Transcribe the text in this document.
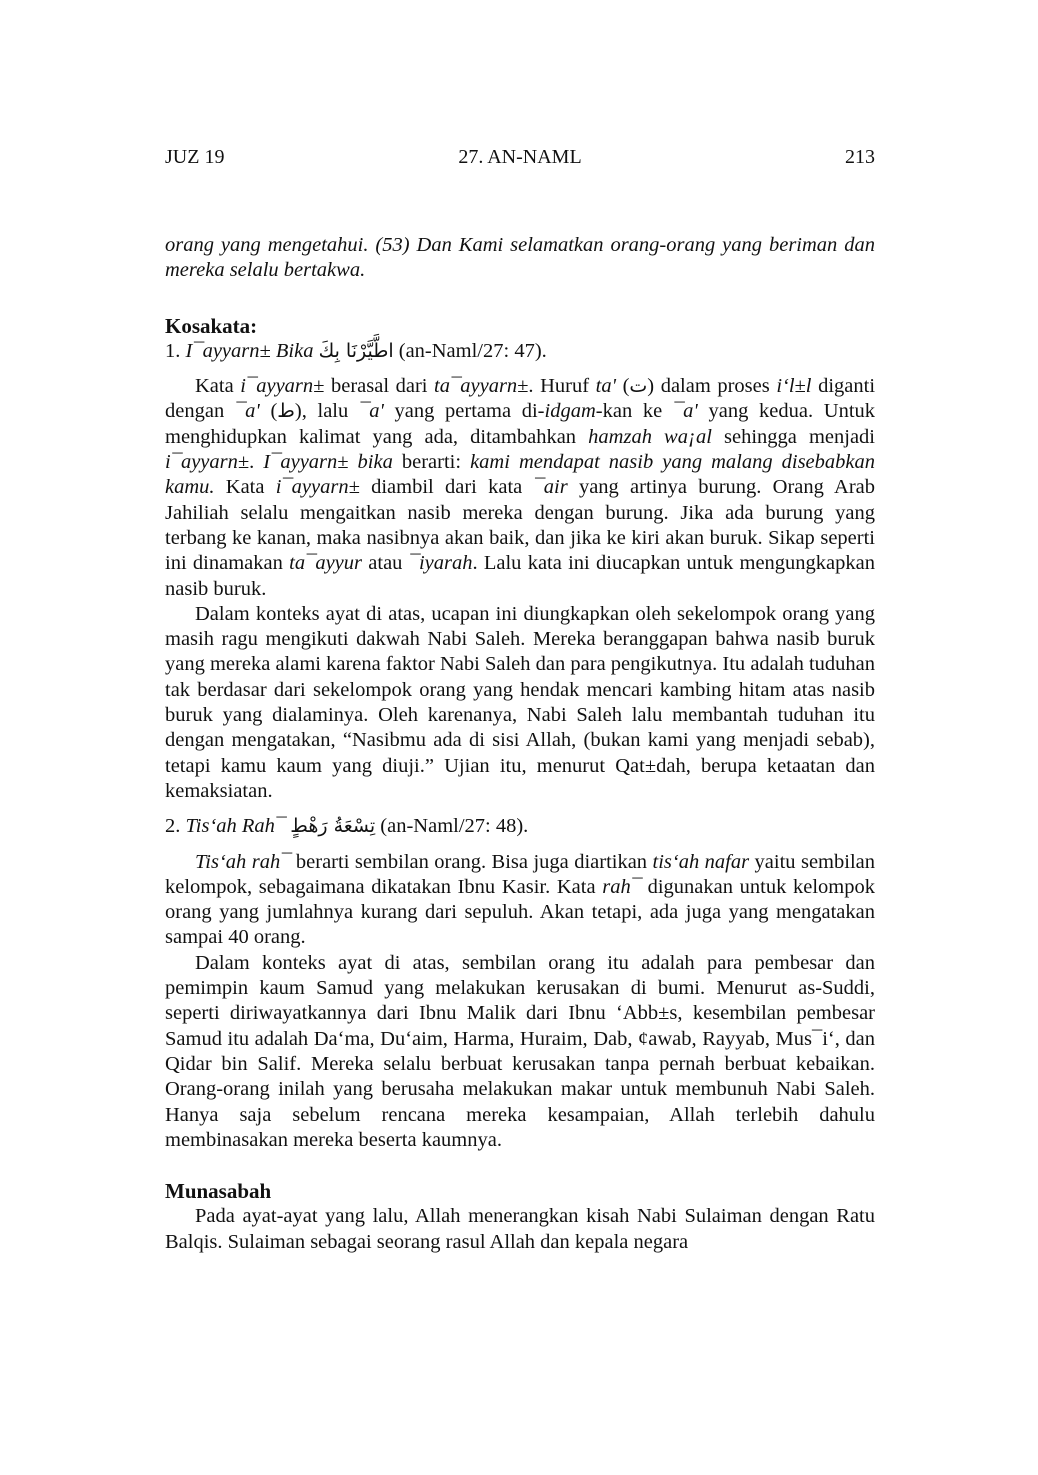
JUZ 19	27. AN-NAML	213

orang yang mengetahui. (53) Dan Kami selamatkan orang-orang yang beriman dan mereka selalu bertakwa.

Kosakata:

1. I¯ayyarn± Bika اطَّيَّرْنَا بِكَ (an-Naml/27: 47).

Kata i¯ayyarn± berasal dari ta¯ayyarn±. Huruf ta' (ت) dalam proses i‘l±l diganti dengan ¯a' (ط), lalu ¯a' yang pertama di-idgam-kan ke ¯a' yang kedua. Untuk menghidupkan kalimat yang ada, ditambahkan hamzah wa¡al sehingga menjadi i¯ayyarn±. I¯ayyarn± bika berarti: kami mendapat nasib yang malang disebabkan kamu. Kata i¯ayyarn± diambil dari kata ¯air yang artinya burung. Orang Arab Jahiliah selalu mengaitkan nasib mereka dengan burung. Jika ada burung yang terbang ke kanan, maka nasibnya akan baik, dan jika ke kiri akan buruk. Sikap seperti ini dinamakan ta¯ayyur atau ¯iyarah. Lalu kata ini diucapkan untuk mengungkapkan nasib buruk.

Dalam konteks ayat di atas, ucapan ini diungkapkan oleh sekelompok orang yang masih ragu mengikuti dakwah Nabi Saleh. Mereka beranggapan bahwa nasib buruk yang mereka alami karena faktor Nabi Saleh dan para pengikutnya. Itu adalah tuduhan tak berdasar dari sekelompok orang yang hendak mencari kambing hitam atas nasib buruk yang dialaminya. Oleh karenanya, Nabi Saleh lalu membantah tuduhan itu dengan mengatakan, “Nasibmu ada di sisi Allah, (bukan kami yang menjadi sebab), tetapi kamu kaum yang diuji.” Ujian itu, menurut Qat±dah, berupa ketaatan dan kemaksiatan.

2. Tis‘ah Rah¯ تِسْعَةُ رَهْطٍ (an-Naml/27: 48).

Tis‘ah rah¯ berarti sembilan orang. Bisa juga diartikan tis‘ah nafar yaitu sembilan kelompok, sebagaimana dikatakan Ibnu Kasir. Kata rah¯ digunakan untuk kelompok orang yang jumlahnya kurang dari sepuluh. Akan tetapi, ada juga yang mengatakan sampai 40 orang.

Dalam konteks ayat di atas, sembilan orang itu adalah para pembesar dan pemimpin kaum Samud yang melakukan kerusakan di bumi. Menurut as-Suddi, seperti diriwayatkannya dari Ibnu Malik dari Ibnu ‘Abb±s, kesembilan pembesar Samud itu adalah Da‘ma, Du‘aim, Harma, Huraim, Dab, ¢awab, Rayyab, Mus¯i‘, dan Qidar bin Salif. Mereka selalu berbuat kerusakan tanpa pernah berbuat kebaikan. Orang-orang inilah yang berusaha melakukan makar untuk membunuh Nabi Saleh. Hanya saja sebelum rencana mereka kesampaian, Allah terlebih dahulu membinasakan mereka beserta kaumnya.

Munasabah

Pada ayat-ayat yang lalu, Allah menerangkan kisah Nabi Sulaiman dengan Ratu Balqis. Sulaiman sebagai seorang rasul Allah dan kepala negara
